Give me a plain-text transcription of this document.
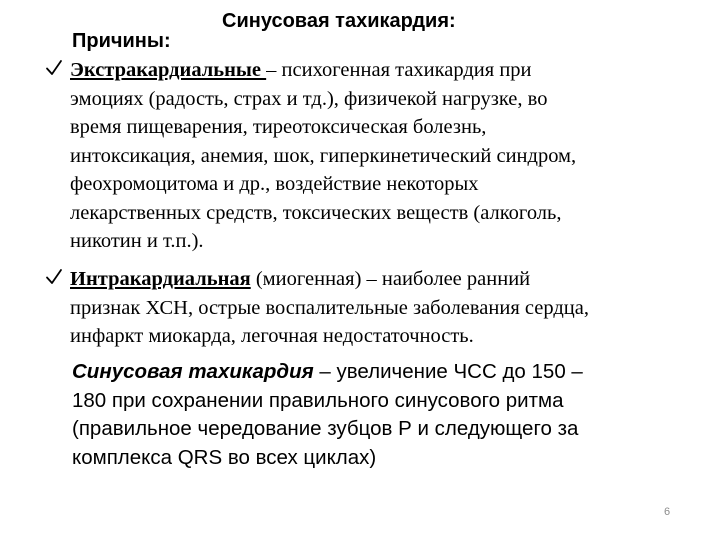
Синусовая тахикардия:
Причины:
Экстракардиальные – психогенная тахикардия при
эмоциях (радость, страх и тд.), физичекой нагрузке, во
время пищеварения, тиреотоксическая болезнь,
интоксикация, анемия, шок, гиперкинетический синдром,
феохромоцитома и др., воздействие некоторых
лекарственных средств, токсических веществ (алкоголь,
никотин и т.п.).
Интракардиальная (миогенная) – наиболее ранний
признак ХСН, острые воспалительные заболевания сердца,
инфаркт миокарда, легочная недостаточность.
Синусовая тахикардия – увеличение ЧСС до 150 –
180 при сохранении правильного синусового ритма
(правильное чередование зубцов Р и следующего за
комплекса QRS во всех циклах)
6
